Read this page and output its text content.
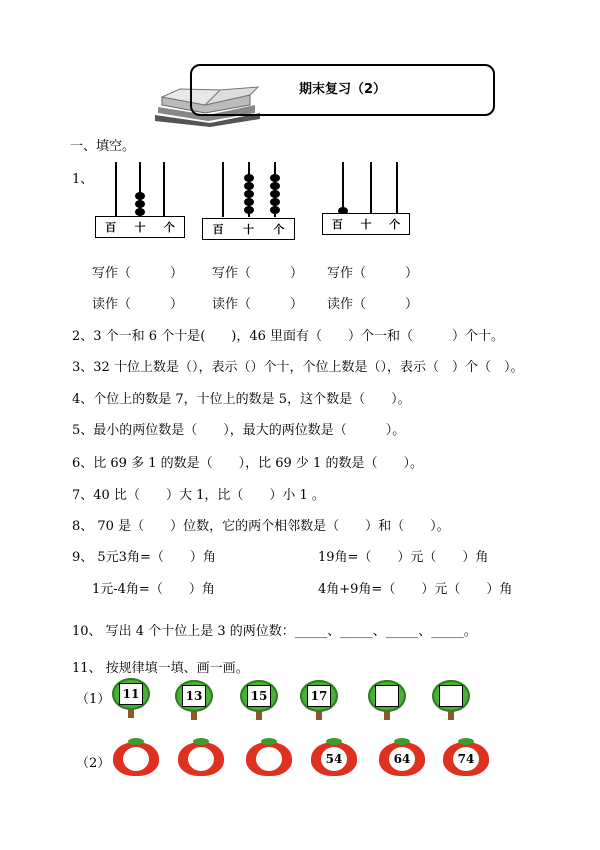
期末复习（2）
一、填空。
1、
百 十 个	百 十 个	百 十 个
写作（　　　） 写作（　　　） 写作（　　　）
读作（　　　） 读作（　　　） 读作（　　　）
2、3 个一和 6 个十是(　　)，46 里面有（　　）个一和（　　　）个十。
3、32 十位上数是（），表示（）个十，个位上数是（），表示（　）个（　）。
4、个位上的数是 7，十位上的数是 5，这个数是（　　）。
5、最小的两位数是（　　），最大的两位数是（　　　）。
6、比 69 多 1 的数是（　　），比 69 少 1 的数是（　　）。
7、40 比（　　）大 1，比（　　）小 1 。
8、 70 是（　　）位数，它的两个相邻数是（　　）和（　　）。
9、 5元3角=（　　）角	19角=（　　）元（　　）角
1元-4角=（　　）角	4角+9角=（　　）元（　　）角
10、 写出 4 个十位上是 3 的两位数：_____、_____、_____、_____。
11、 按规律填一填、画一画。
（1）
（2）
11	13	15	17
54	64	74
